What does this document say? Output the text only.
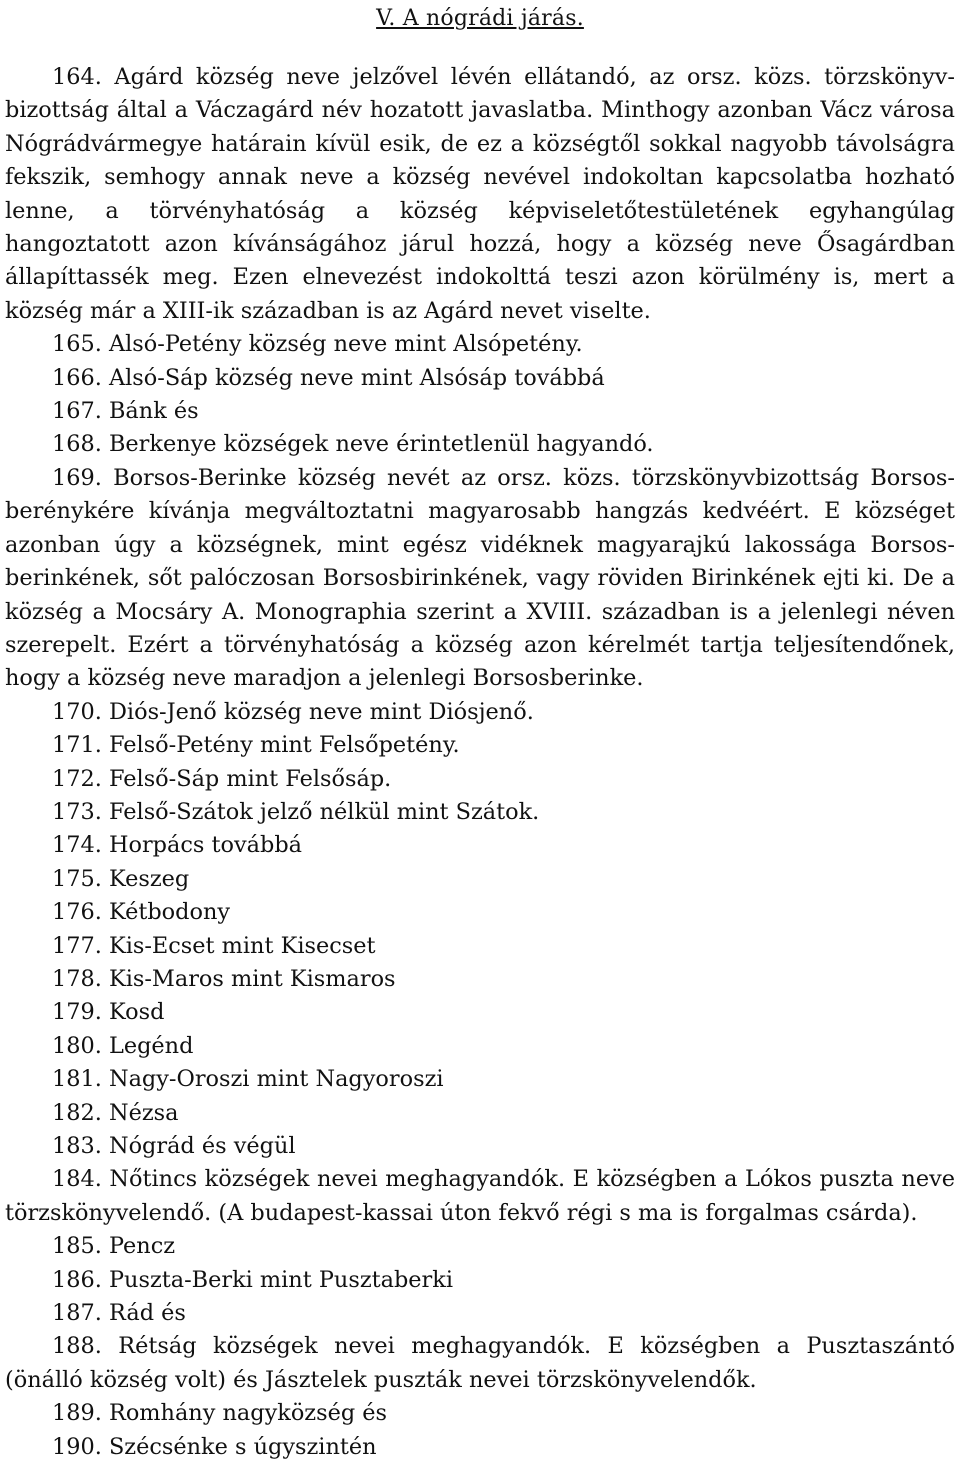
V. A nógrádi járás.

164. Agárd község neve jelzővel lévén ellátandó, az orsz. közs. törzskönyvbizottság által a Váczagárd név hozatott javaslatba. Minthogy azonban Vácz városa Nógrádvármegye határain kívül esik, de ez a községtől sokkal nagyobb távolságra fekszik, semhogy annak neve a község nevével indokoltan kapcsolatba hozható lenne, a törvényhatóság a község képviseletőtestületének egyhangúlag hangoztatott azon kívánságához járul hozzá, hogy a község neve Ősagárdban állapíttassék meg. Ezen elnevezést indokolttá teszi azon körülmény is, mert a község már a XIII-ik században is az Agárd nevet viselte.

165. Alsó-Petény község neve mint Alsópetény.

166. Alsó-Sáp község neve mint Alsósáp továbbá

167. Bánk és

168. Berkenye községek neve érintetlenül hagyandó.

169. Borsos-Berinke község nevét az orsz. közs. törzskönyvbizottság Borsosberénykére kívánja megváltoztatni magyarosabb hangzás kedvéért. E községet azonban úgy a községnek, mint egész vidéknek magyarajkú lakossága Borsosberinkének, sőt palóczosan Borsosbirinkének, vagy röviden Birinkének ejti ki. De a község a Mocsáry A. Monographia szerint a XVIII. században is a jelenlegi néven szerepelt. Ezért a törvényhatóság a község azon kérelmét tartja teljesítendőnek, hogy a község neve maradjon a jelenlegi Borsosberinke.

170. Diós-Jenő község neve mint Diósjenő.

171. Felső-Petény mint Felsőpetény.

172. Felső-Sáp mint Felsősáp.

173. Felső-Szátok jelző nélkül mint Szátok.

174. Horpács továbbá

175. Keszeg

176. Kétbodony

177. Kis-Ecset mint Kisecset

178. Kis-Maros mint Kismaros

179. Kosd

180. Legénd

181. Nagy-Oroszi mint Nagyoroszi

182. Nézsa

183. Nógrád és végül

184. Nőtincs községek nevei meghagyandók. E községben a Lókos puszta neve törzskönyvelendő. (A budapest-kassai úton fekvő régi s ma is forgalmas csárda).

185. Pencz

186. Puszta-Berki mint Pusztaberki

187. Rád és

188. Rétság községek nevei meghagyandók. E községben a Pusztaszántó (önálló község volt) és Jásztelek puszták nevei törzskönyvelendők.

189. Romhány nagyközség és

190. Szécsénke s úgyszintén
